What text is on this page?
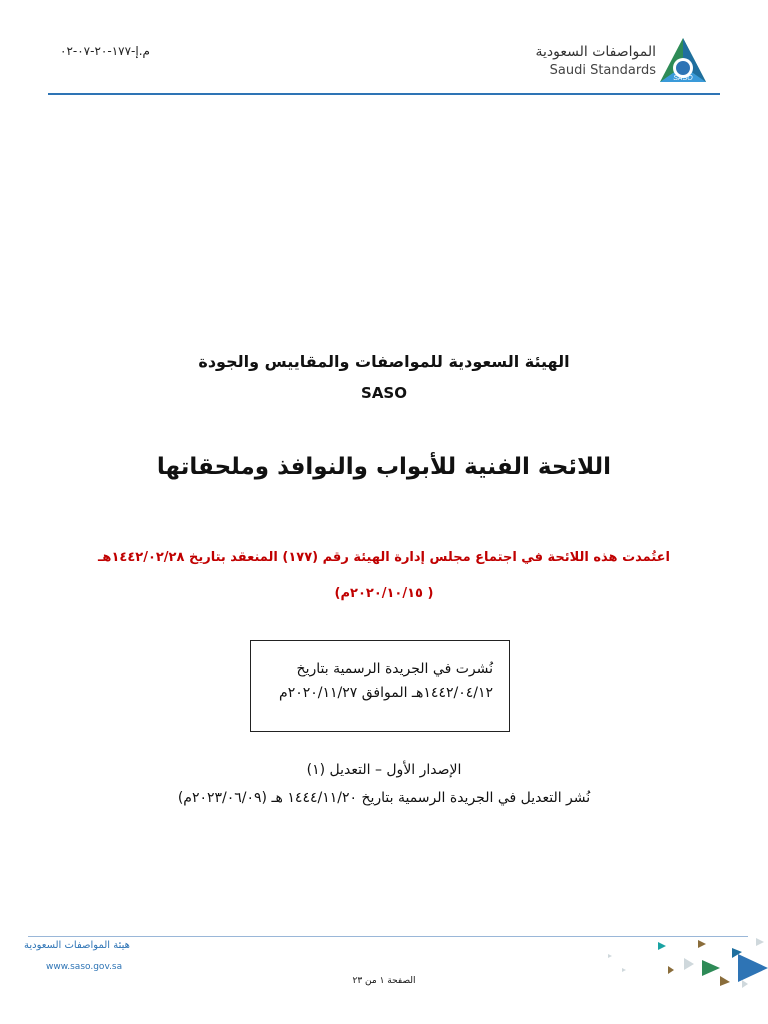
م.إ-١٧٧-٢٠-٠٧-٠٢	المواصفات السعودية
Saudi Standards
SASO
الهيئة السعودية للمواصفات والمقاييس والجودة
SASO
اللائحة الفنية للأبواب والنوافذ وملحقاتها
اعتُمدت هذه اللائحة في اجتماع مجلس إدارة الهيئة رقم (١٧٧) المنعقد بتاريخ ١٤٤٢/٠٢/٢٨هـ
( ٢٠٢٠/١٠/١٥م)
نُشرت في الجريدة الرسمية بتاريخ
١٤٤٢/٠٤/١٢هـ الموافق ٢٠٢٠/١١/٢٧م
الإصدار الأول – التعديل (١)
نُشر التعديل في الجريدة الرسمية بتاريخ ١٤٤٤/١١/٢٠ هـ (٢٠٢٣/٠٦/٠٩م)
هيئة المواصفات السعودية
www.saso.gov.sa
الصفحة ١ من ٢٣
